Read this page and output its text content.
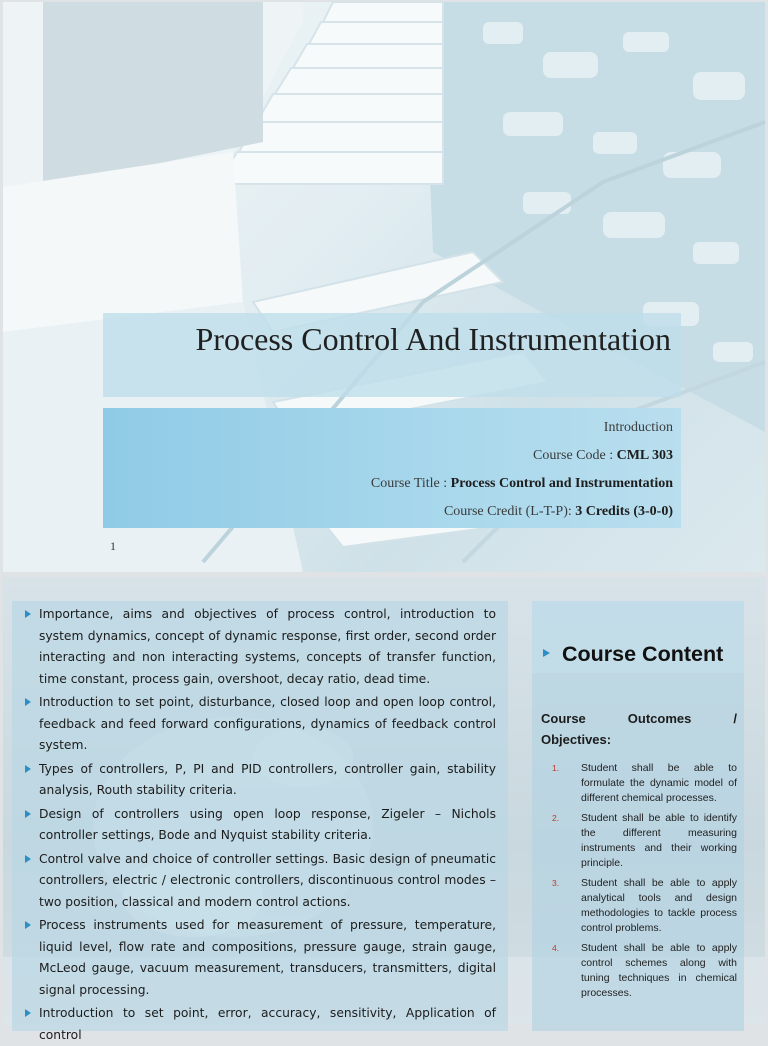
Process Control And Instrumentation
Introduction
Course Code : CML 303
Course Title : Process Control and Instrumentation
Course Credit (L-T-P): 3 Credits (3-0-0)
1
Importance, aims and objectives of process control, introduction to system dynamics, concept of dynamic response, first order, second order interacting and non interacting systems, concepts of transfer function, time constant, process gain, overshoot, decay ratio, dead time.
Introduction to set point, disturbance, closed loop and open loop control, feedback and feed forward configurations, dynamics of feedback control system.
Types of controllers, P, PI and PID controllers, controller gain, stability analysis, Routh stability criteria.
Design of controllers using open loop response, Zigeler – Nichols controller settings, Bode and Nyquist stability criteria.
Control valve and choice of controller settings. Basic design of pneumatic controllers, electric / electronic controllers, discontinuous control modes – two position, classical and modern control actions.
Process instruments used for measurement of pressure, temperature, liquid level, flow rate and compositions, pressure gauge, strain gauge, McLeod gauge, vacuum measurement, transducers, transmitters, digital signal processing.
Introduction to set point, error, accuracy, sensitivity, Application of control
Course Content
Course Outcomes /
Objectives:
1. Student shall be able to formulate the dynamic model of different chemical processes.
2. Student shall be able to identify the different measuring instruments and their working principle.
3. Student shall be able to apply analytical tools and design methodologies to tackle process control problems.
4. Student shall be able to apply control schemes along with tuning techniques in chemical processes.
